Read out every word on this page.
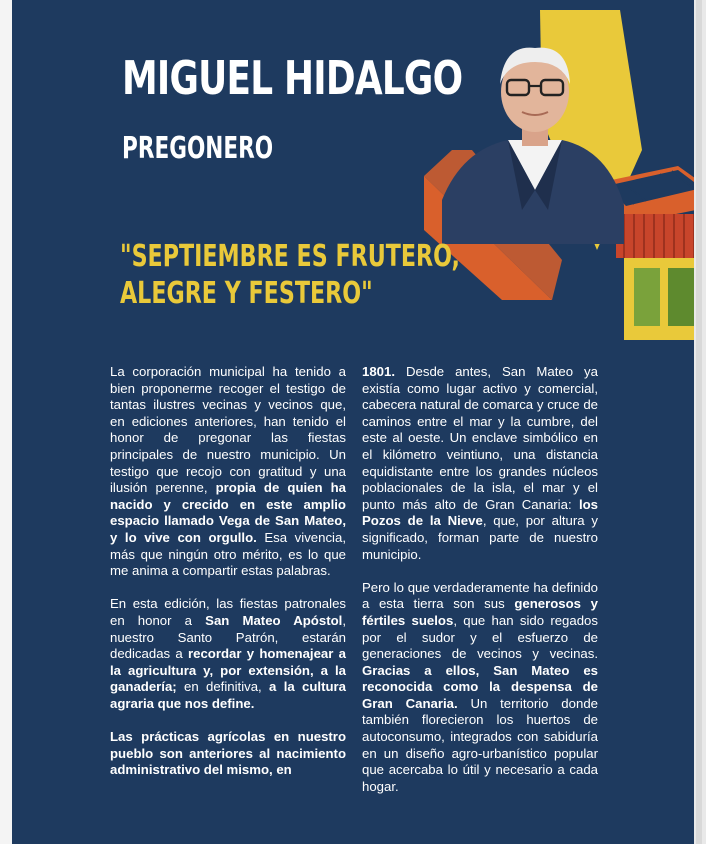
MIGUEL HIDALGO
PREGONERO
"SEPTIEMBRE ES FRUTERO,
ALEGRE Y FESTERO"

La corporación municipal ha tenido a bien proponerme recoger el testigo de tantas ilustres vecinas y vecinos que, en ediciones anteriores, han tenido el honor de pregonar las fiestas principales de nuestro municipio. Un testigo que recojo con gratitud y una ilusión perenne, propia de quien ha nacido y crecido en este amplio espacio llamado Vega de San Mateo, y lo vive con orgullo. Esa vivencia, más que ningún otro mérito, es lo que me anima a compartir estas palabras.

En esta edición, las fiestas patronales en honor a San Mateo Apóstol, nuestro Santo Patrón, estarán dedicadas a recordar y homenajear a la agricultura y, por extensión, a la ganadería; en definitiva, a la cultura agraria que nos define.

Las prácticas agrícolas en nuestro pueblo son anteriores al nacimiento administrativo del mismo, en

1801. Desde antes, San Mateo ya existía como lugar activo y comercial, cabecera natural de comarca y cruce de caminos entre el mar y la cumbre, del este al oeste. Un enclave simbólico en el kilómetro veintiuno, una distancia equidistante entre los grandes núcleos poblacionales de la isla, el mar y el punto más alto de Gran Canaria: los Pozos de la Nieve, que, por altura y significado, forman parte de nuestro municipio.

Pero lo que verdaderamente ha definido a esta tierra son sus generosos y fértiles suelos, que han sido regados por el sudor y el esfuerzo de generaciones de vecinos y vecinas. Gracias a ellos, San Mateo es reconocida como la despensa de Gran Canaria. Un territorio donde también florecieron los huertos de autoconsumo, integrados con sabiduría en un diseño agro-urbanístico popular que acercaba lo útil y necesario a cada hogar.
